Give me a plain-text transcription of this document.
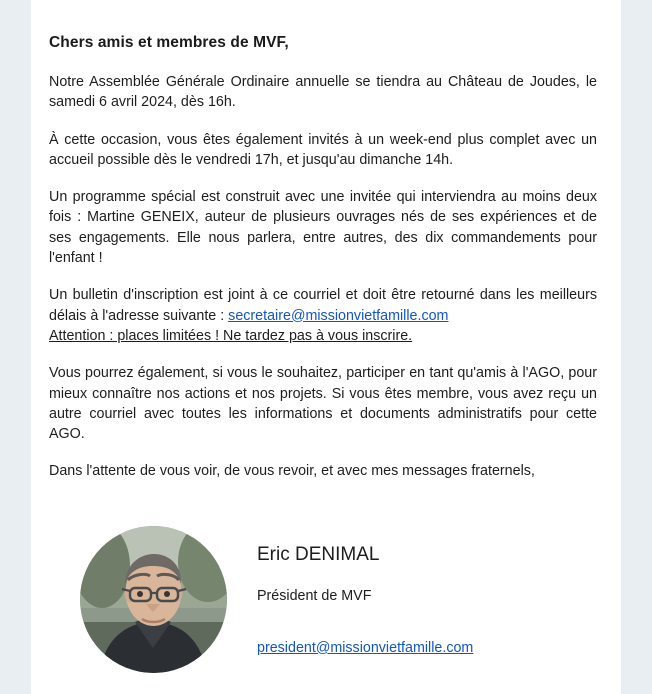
Chers amis et membres de MVF,

Notre Assemblée Générale Ordinaire annuelle se tiendra au Château de Joudes, le samedi 6 avril 2024, dès 16h.

À cette occasion, vous êtes également invités à un week-end plus complet avec un accueil possible dès le vendredi 17h, et jusqu'au dimanche 14h.

Un programme spécial est construit avec une invitée qui interviendra au moins deux fois : Martine GENEIX, auteur de plusieurs ouvrages nés de ses expériences et de ses engagements. Elle nous parlera, entre autres, des dix commandements pour l'enfant !

Un bulletin d'inscription est joint à ce courriel et doit être retourné dans les meilleurs délais à l'adresse suivante : secretaire@missionvietfamille.com
Attention : places limitées ! Ne tardez pas à vous inscrire.

Vous pourrez également, si vous le souhaitez, participer en tant qu'amis à l'AGO, pour mieux connaître nos actions et nos projets. Si vous êtes membre, vous avez reçu un autre courriel avec toutes les informations et documents administratifs pour cette AGO.

Dans l'attente de vous voir, de vous revoir, et avec mes messages fraternels,

Eric DENIMAL
Président de MVF
president@missionvietfamille.com
